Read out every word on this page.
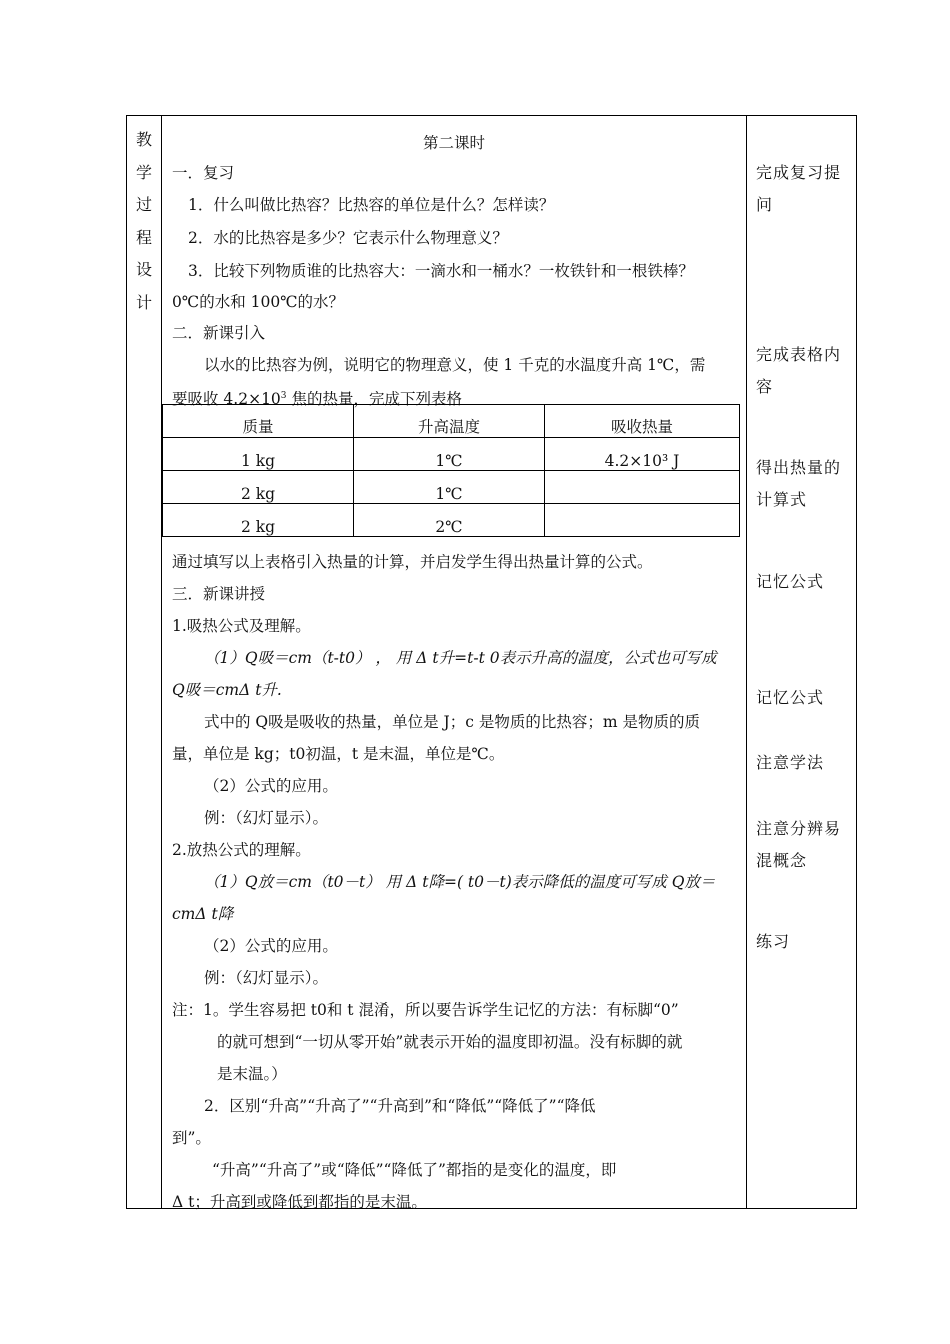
教
学
过
程
设
计
第二课时
一．复习
1．什么叫做比热容？比热容的单位是什么？怎样读？
2．水的比热容是多少？它表示什么物理意义？
3．比较下列物质谁的比热容大：一滴水和一桶水？一枚铁针和一根铁棒？
0℃的水和 100℃的水？
二．新课引入
以水的比热容为例，说明它的物理意义，使 1 千克的水温度升高 1℃，需
要吸收 $4.2\times 10^3$ 焦的热量，完成下列表格
通过填写以上表格引入热量的计算，并启发学生得出热量计算的公式。
三．新课讲授
1.吸热公式及理解。
（1）Q吸＝cm（t-t0） ， 用 Δ t升=t-t 0表示升高的温度，公式也可写成
Q吸＝cmΔ t升.
式中的 Q吸是吸收的热量，单位是 J；c 是物质的比热容；m 是物质的质
量，单位是 kg；t0初温，t 是末温，单位是℃。
（2）公式的应用。
例：（幻灯显示）。
2.放热公式的理解。
（1）Q放＝cm（t0－t） 用 Δ t降=( t0－t)表示降低的温度可写成 Q放＝
cmΔ t降
（2）公式的应用。
例：（幻灯显示）。
注：1。学生容易把 t0和 t 混淆，所以要告诉学生记忆的方法：有标脚“0”
的就可想到“一切从零开始”就表示开始的温度即初温。没有标脚的就
是末温。）
2．区别“升高”“升高了”“升高到”和“降低”“降低了”“降低
到”。
“升高”“升高了”或“降低”“降低了”都指的是变化的温度，即
Δ t；升高到或降低到都指的是末温。
质量	升高温度	吸收热量
1 kg	1℃	4.2×10³ J
2 kg	1℃	
2 kg	2℃	
完成复习提问
完成表格内容
得出热量的计算式
记忆公式
记忆公式
注意学法
注意分辨易混概念
练习
